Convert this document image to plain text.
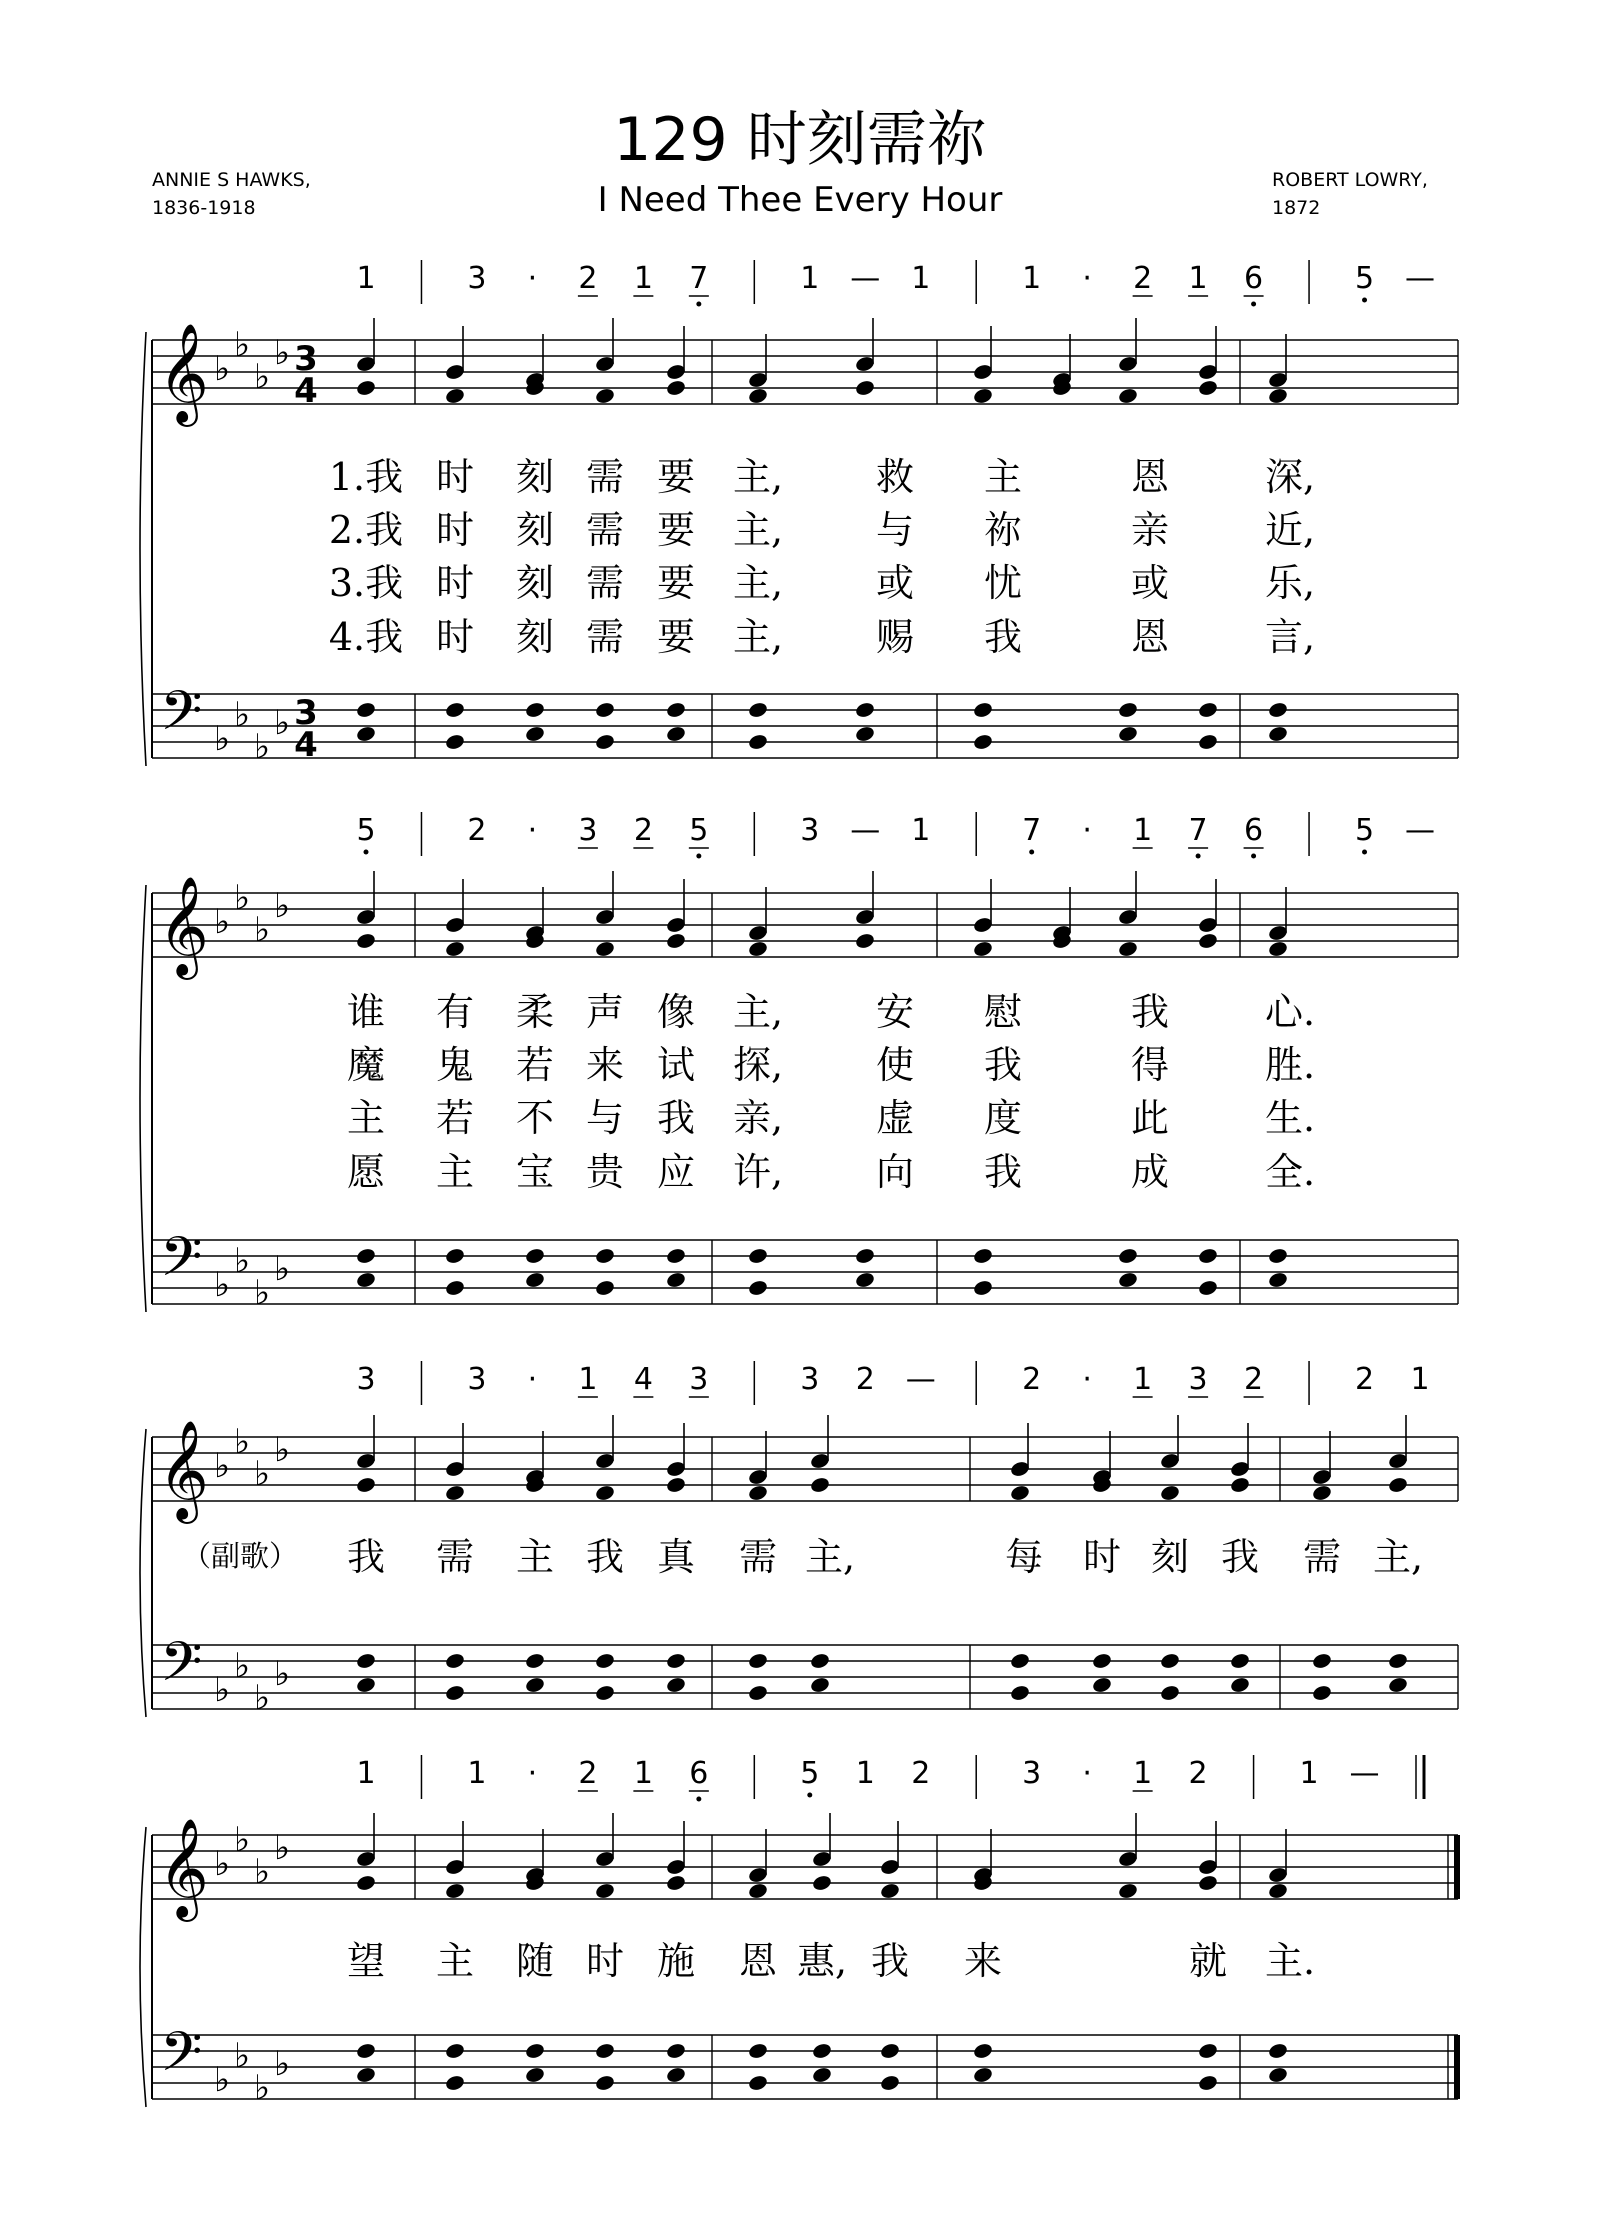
129 时刻需祢
I Need Thee Every Hour
ANNIE S HAWKS,
1836-1918
ROBERT LOWRY,
1872
𝄞
𝄢
♭
♭
♭
♭
♭
♭
♭
♭
3
4
3
4
1	3 · 2 1 7	1 — 1	1 · 2 1 6	5 —
1.我 时 刻 需 要 主, 救 主	恩	深,
2.我 时 刻 需 要 主, 与 祢	亲	近,
3.我 时 刻 需 要 主, 或 忧	或	乐,
4.我 时 刻 需 要 主, 赐 我	恩	言,
𝄞
𝄢
♭
♭
♭
♭
♭
♭
♭
♭
5	2 · 3 2 5	3 — 1	7 · 1 7 6	5 —
谁 有 柔 声 像 主, 安 慰	我	心.
魔 鬼 若 来 试 探, 使 我	得	胜.
主 若 不 与 我 亲, 虚 度	此	生.
愿 主 宝 贵 应 许, 向 我	成	全.
𝄞
𝄢
♭
♭
♭
♭
♭
♭
♭
♭
3	3 · 1 4 3	3 2 —	2 · 1 3 2	2 1
我 需 主 我 真 需 主,	每 时 刻 我 需 主,
（副歌）
𝄞
𝄢
♭
♭
♭
♭
♭
♭
♭
♭
1	1 · 2 1 6	5 1 2	3 · 1 2	1 —
望 主 随 时 施 恩 惠, 我 来	就 主.
